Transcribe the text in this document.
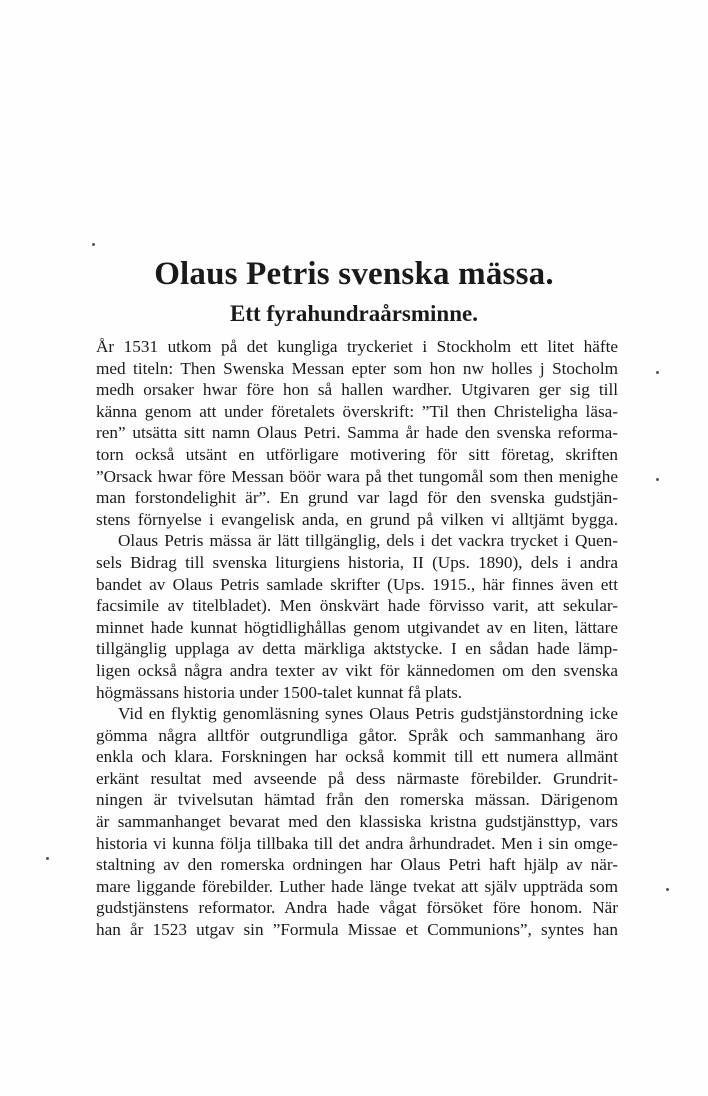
Olaus Petris svenska mässa.
Ett fyrahundraårsminne.
År 1531 utkom på det kungliga tryckeriet i Stockholm ett litet häfte
med titeln: Then Swenska Messan epter som hon nw holles j Stocholm
medh orsaker hwar före hon så hallen wardher. Utgivaren ger sig till
känna genom att under företalets överskrift: ”Til then Christeligha läsa-
ren” utsätta sitt namn Olaus Petri. Samma år hade den svenska reforma-
torn också utsänt en utförligare motivering för sitt företag, skriften
”Orsack hwar före Messan böör wara på thet tungomål som then menighe
man forstondelighit är”. En grund var lagd för den svenska gudstjän-
stens förnyelse i evangelisk anda, en grund på vilken vi alltjämt bygga.
Olaus Petris mässa är lätt tillgänglig, dels i det vackra trycket i Quen-
sels Bidrag till svenska liturgiens historia, II (Ups. 1890), dels i andra
bandet av Olaus Petris samlade skrifter (Ups. 1915., här finnes även ett
facsimile av titelbladet). Men önskvärt hade förvisso varit, att sekular-
minnet hade kunnat högtidlighållas genom utgivandet av en liten, lättare
tillgänglig upplaga av detta märkliga aktstycke. I en sådan hade lämp-
ligen också några andra texter av vikt för kännedomen om den svenska
högmässans historia under 1500-talet kunnat få plats.
Vid en flyktig genomläsning synes Olaus Petris gudstjänstordning icke
gömma några alltför outgrundliga gåtor. Språk och sammanhang äro
enkla och klara. Forskningen har också kommit till ett numera allmänt
erkänt resultat med avseende på dess närmaste förebilder. Grundrit-
ningen är tvivelsutan hämtad från den romerska mässan. Därigenom
är sammanhanget bevarat med den klassiska kristna gudstjänsttyp, vars
historia vi kunna följa tillbaka till det andra århundradet. Men i sin omge-
staltning av den romerska ordningen har Olaus Petri haft hjälp av när-
mare liggande förebilder. Luther hade länge tvekat att själv uppträda som
gudstjänstens reformator. Andra hade vågat försöket före honom. När
han år 1523 utgav sin ”Formula Missae et Communions”, syntes han
